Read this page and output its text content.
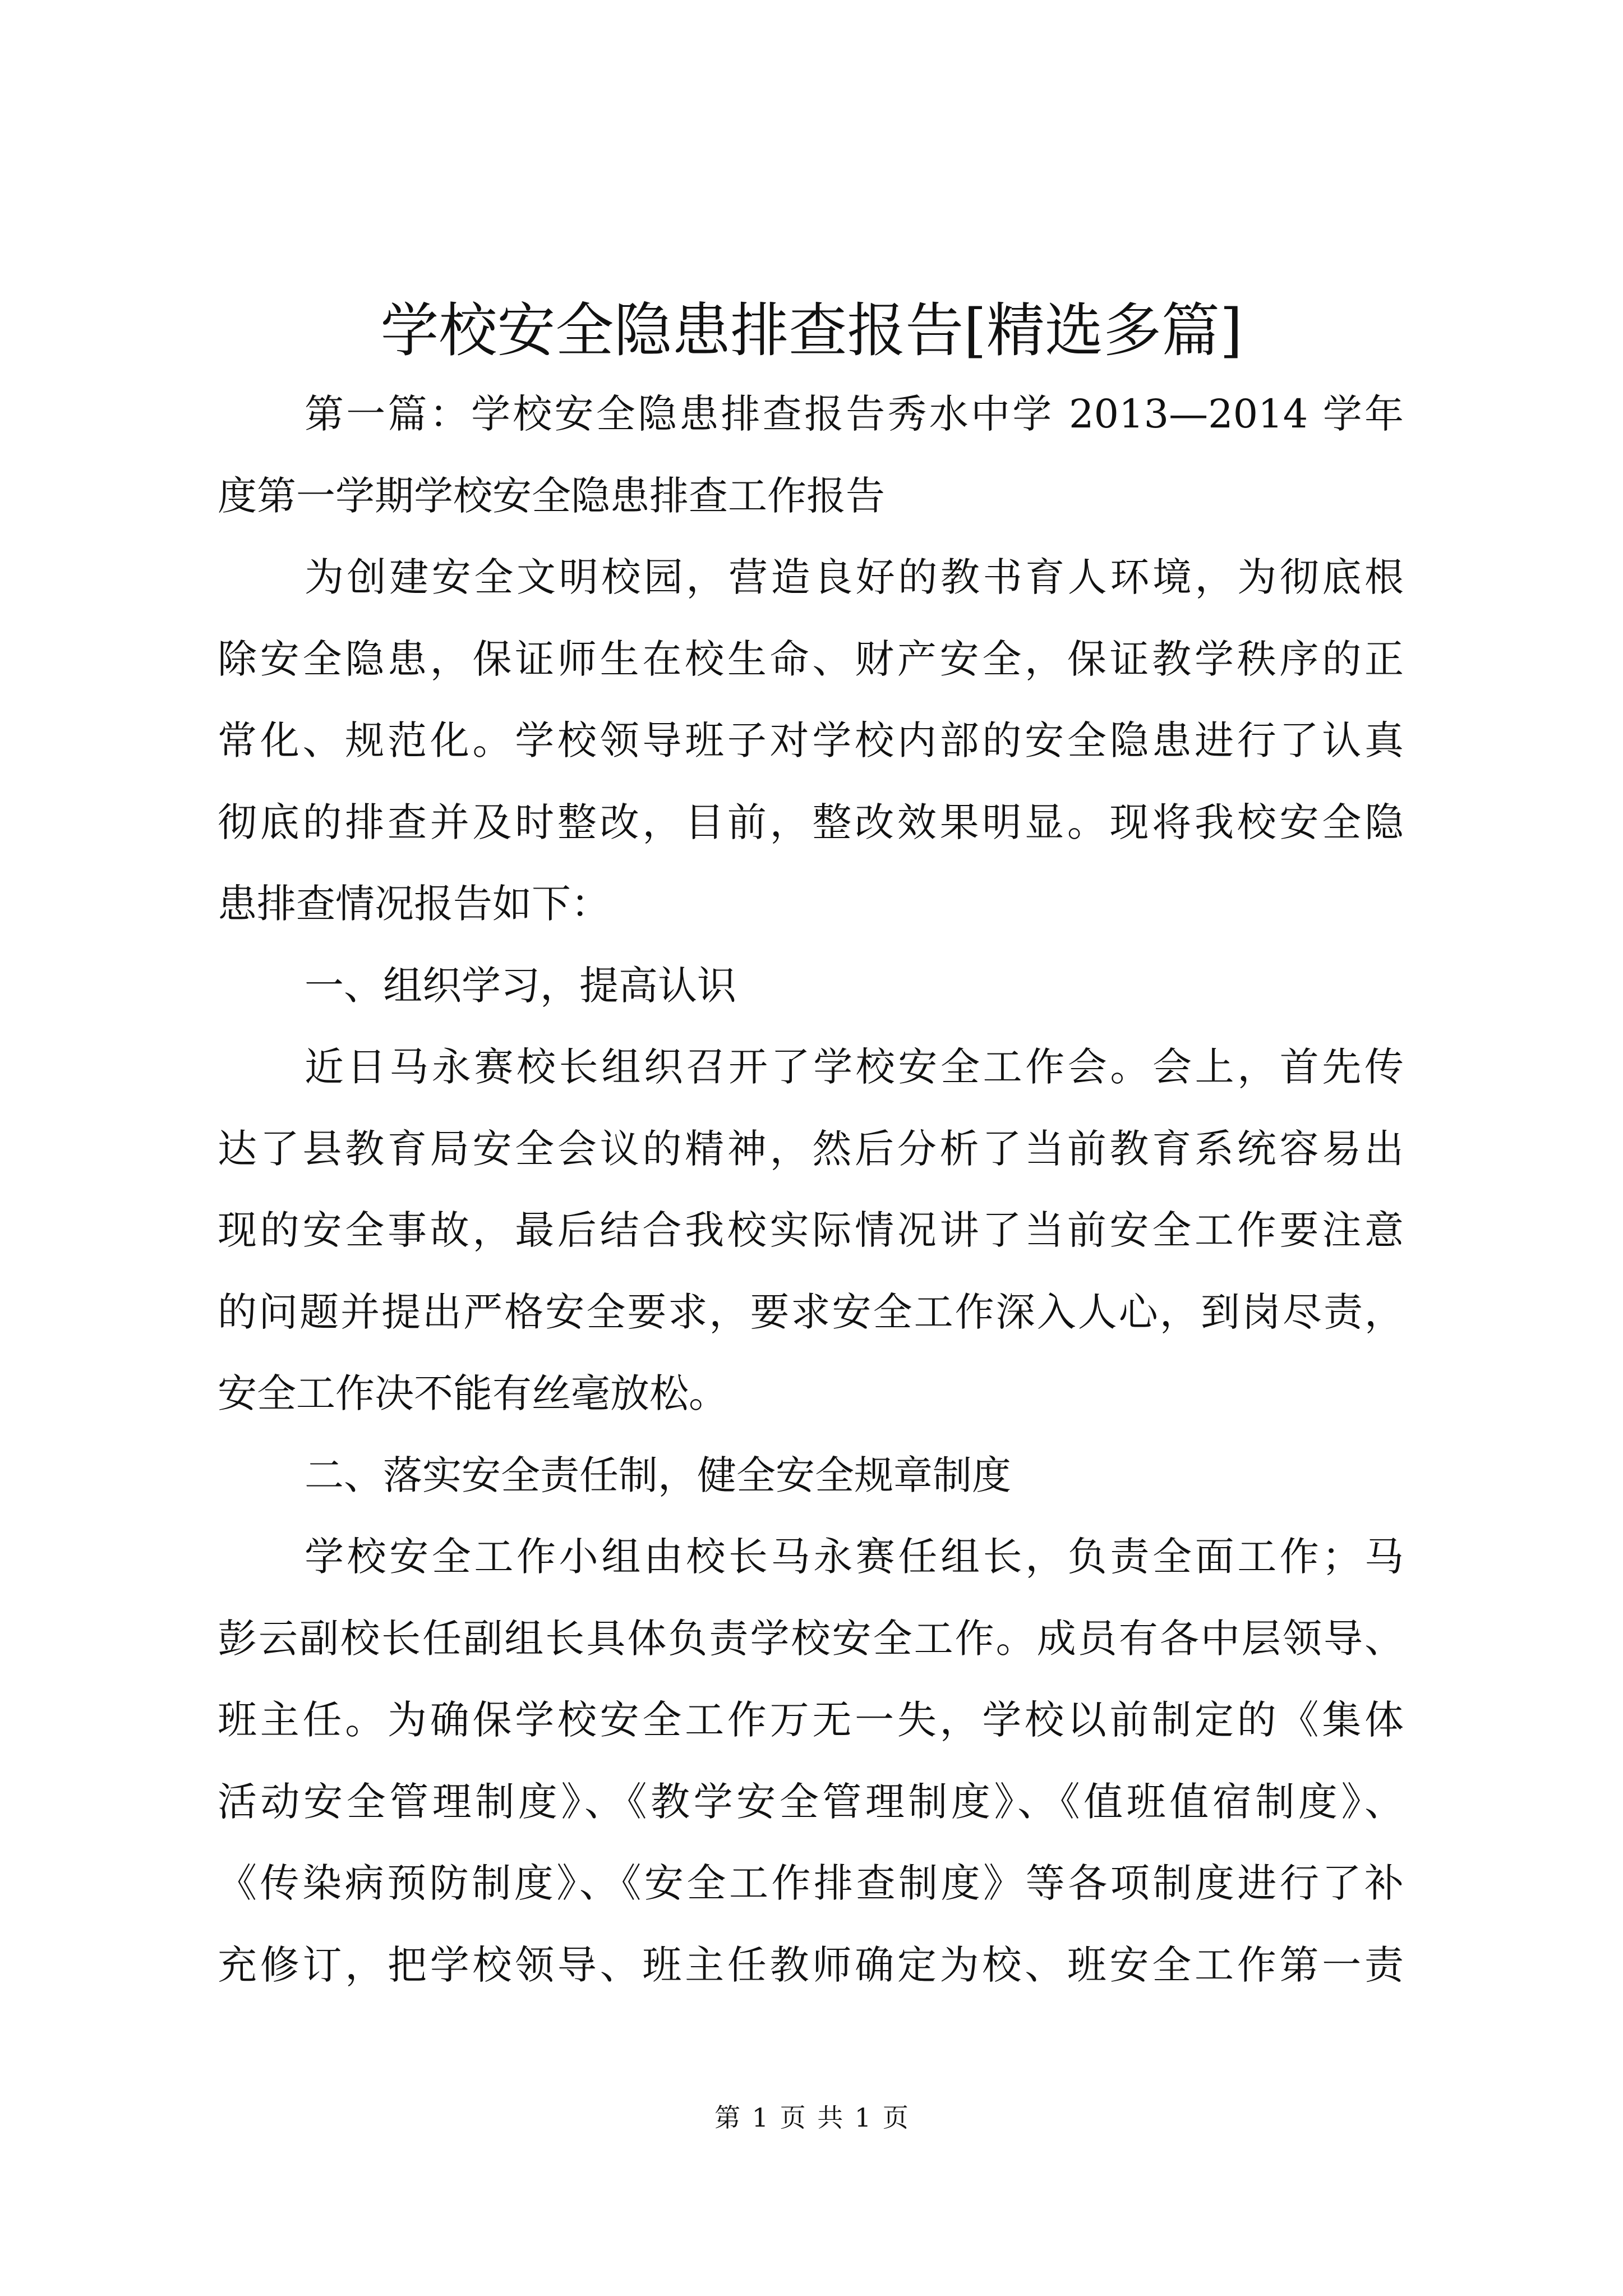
学校安全隐患排查报告[精选多篇]
第一篇：学校安全隐患排查报告秀水中学 2013—2014 学年
度第一学期学校安全隐患排查工作报告
为创建安全文明校园，营造良好的教书育人环境，为彻底根
除安全隐患，保证师生在校生命、财产安全，保证教学秩序的正
常化、规范化。学校领导班子对学校内部的安全隐患进行了认真
彻底的排查并及时整改，目前，整改效果明显。现将我校安全隐
患排查情况报告如下：
一、组织学习，提高认识
近日马永赛校长组织召开了学校安全工作会。会上，首先传
达了县教育局安全会议的精神，然后分析了当前教育系统容易出
现的安全事故，最后结合我校实际情况讲了当前安全工作要注意
的问题并提出严格安全要求，要求安全工作深入人心，到岗尽责，
安全工作决不能有丝毫放松。
二、落实安全责任制，健全安全规章制度
学校安全工作小组由校长马永赛任组长，负责全面工作；马
彭云副校长任副组长具体负责学校安全工作。成员有各中层领导、
班主任。为确保学校安全工作万无一失，学校以前制定的《集体
活动安全管理制度》、《教学安全管理制度》、《值班值宿制度》、
《传染病预防制度》、《安全工作排查制度》等各项制度进行了补
充修订，把学校领导、班主任教师确定为校、班安全工作第一责
第 1 页 共 1 页
